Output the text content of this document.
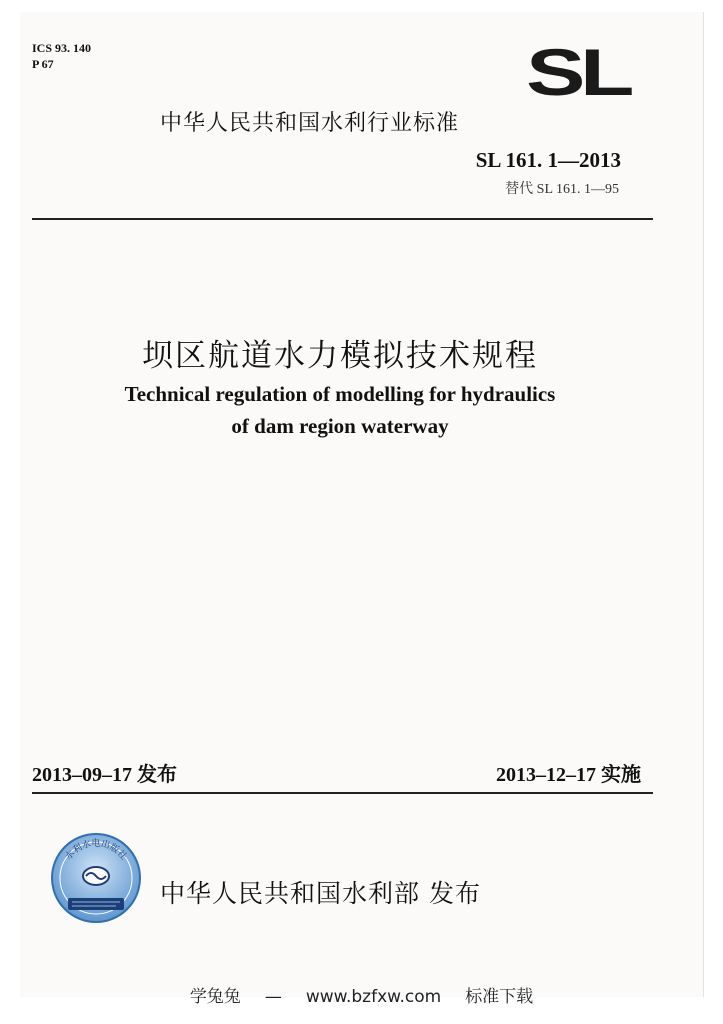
ICS 93. 140
P 67	SL
中华人民共和国水利行业标准
SL 161. 1—2013
替代 SL 161. 1—95
坝区航道水力模拟技术规程
Technical regulation of modelling for hydraulics
of dam region waterway
2013–09–17 发布	2013–12–17 实施
水利水电出版社
中华人民共和国水利部 发布
学兔兔 — www.bzfxw.com 标准下载
